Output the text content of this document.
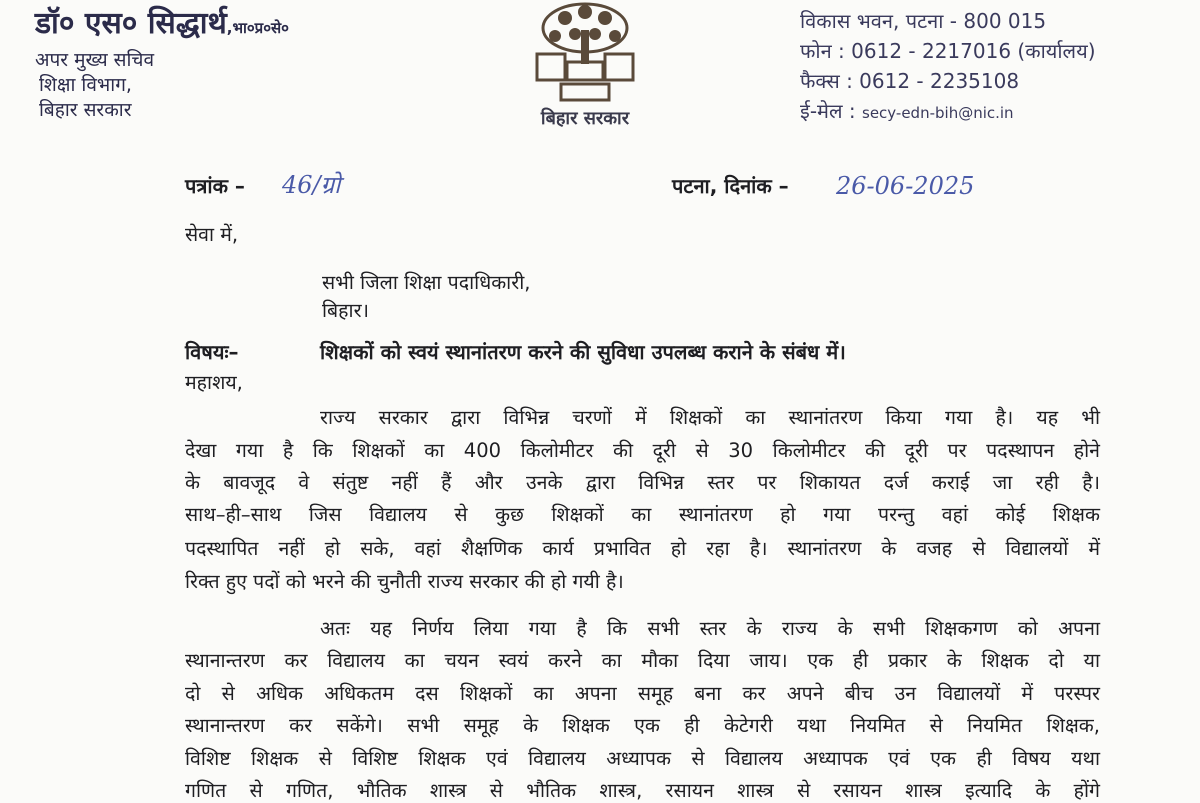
डॉ० एस० सिद्धार्थ,भा०प्र०से०
अपर मुख्य सचिव
शिक्षा विभाग,
बिहार सरकार	बिहार सरकार
विकास भवन, पटना - 800 015
फोन : 0612 - 2217016 (कार्यालय)
फैक्स : 0612 - 2235108
ई-मेल : secy-edn-bih@nic.in
पत्रांक – 46/ग्रो	पटना, दिनांक – 26-06-2025
सेवा में,
सभी जिला शिक्षा पदाधिकारी,
बिहार।
विषयः–	शिक्षकों को स्वयं स्थानांतरण करने की सुविधा उपलब्ध कराने के संबंध में।
महाशय,
राज्य सरकार द्वारा विभिन्न चरणों में शिक्षकों का स्थानांतरण किया गया है। यह भी
देखा गया है कि शिक्षकों का 400 किलोमीटर की दूरी से 30 किलोमीटर की दूरी पर पदस्थापन होने
के बावजूद वे संतुष्ट नहीं हैं और उनके द्वारा विभिन्न स्तर पर शिकायत दर्ज कराई जा रही है।
साथ–ही–साथ जिस विद्यालय से कुछ शिक्षकों का स्थानांतरण हो गया परन्तु वहां कोई शिक्षक
पदस्थापित नहीं हो सके, वहां शैक्षणिक कार्य प्रभावित हो रहा है। स्थानांतरण के वजह से विद्यालयों में
रिक्त हुए पदों को भरने की चुनौती राज्य सरकार की हो गयी है।
अतः यह निर्णय लिया गया है कि सभी स्तर के राज्य के सभी शिक्षकगण को अपना
स्थानान्तरण कर विद्यालय का चयन स्वयं करने का मौका दिया जाय। एक ही प्रकार के शिक्षक दो या
दो से अधिक अधिकतम दस शिक्षकों का अपना समूह बना कर अपने बीच उन विद्यालयों में परस्पर
स्थानान्तरण कर सकेंगे। सभी समूह के शिक्षक एक ही केटेगरी यथा नियमित से नियमित शिक्षक,
विशिष्ट शिक्षक से विशिष्ट शिक्षक एवं विद्यालय अध्यापक से विद्यालय अध्यापक एवं एक ही विषय यथा
गणित से गणित, भौतिक शास्त्र से भौतिक शास्त्र, रसायन शास्त्र से रसायन शास्त्र इत्यादि के होंगे
